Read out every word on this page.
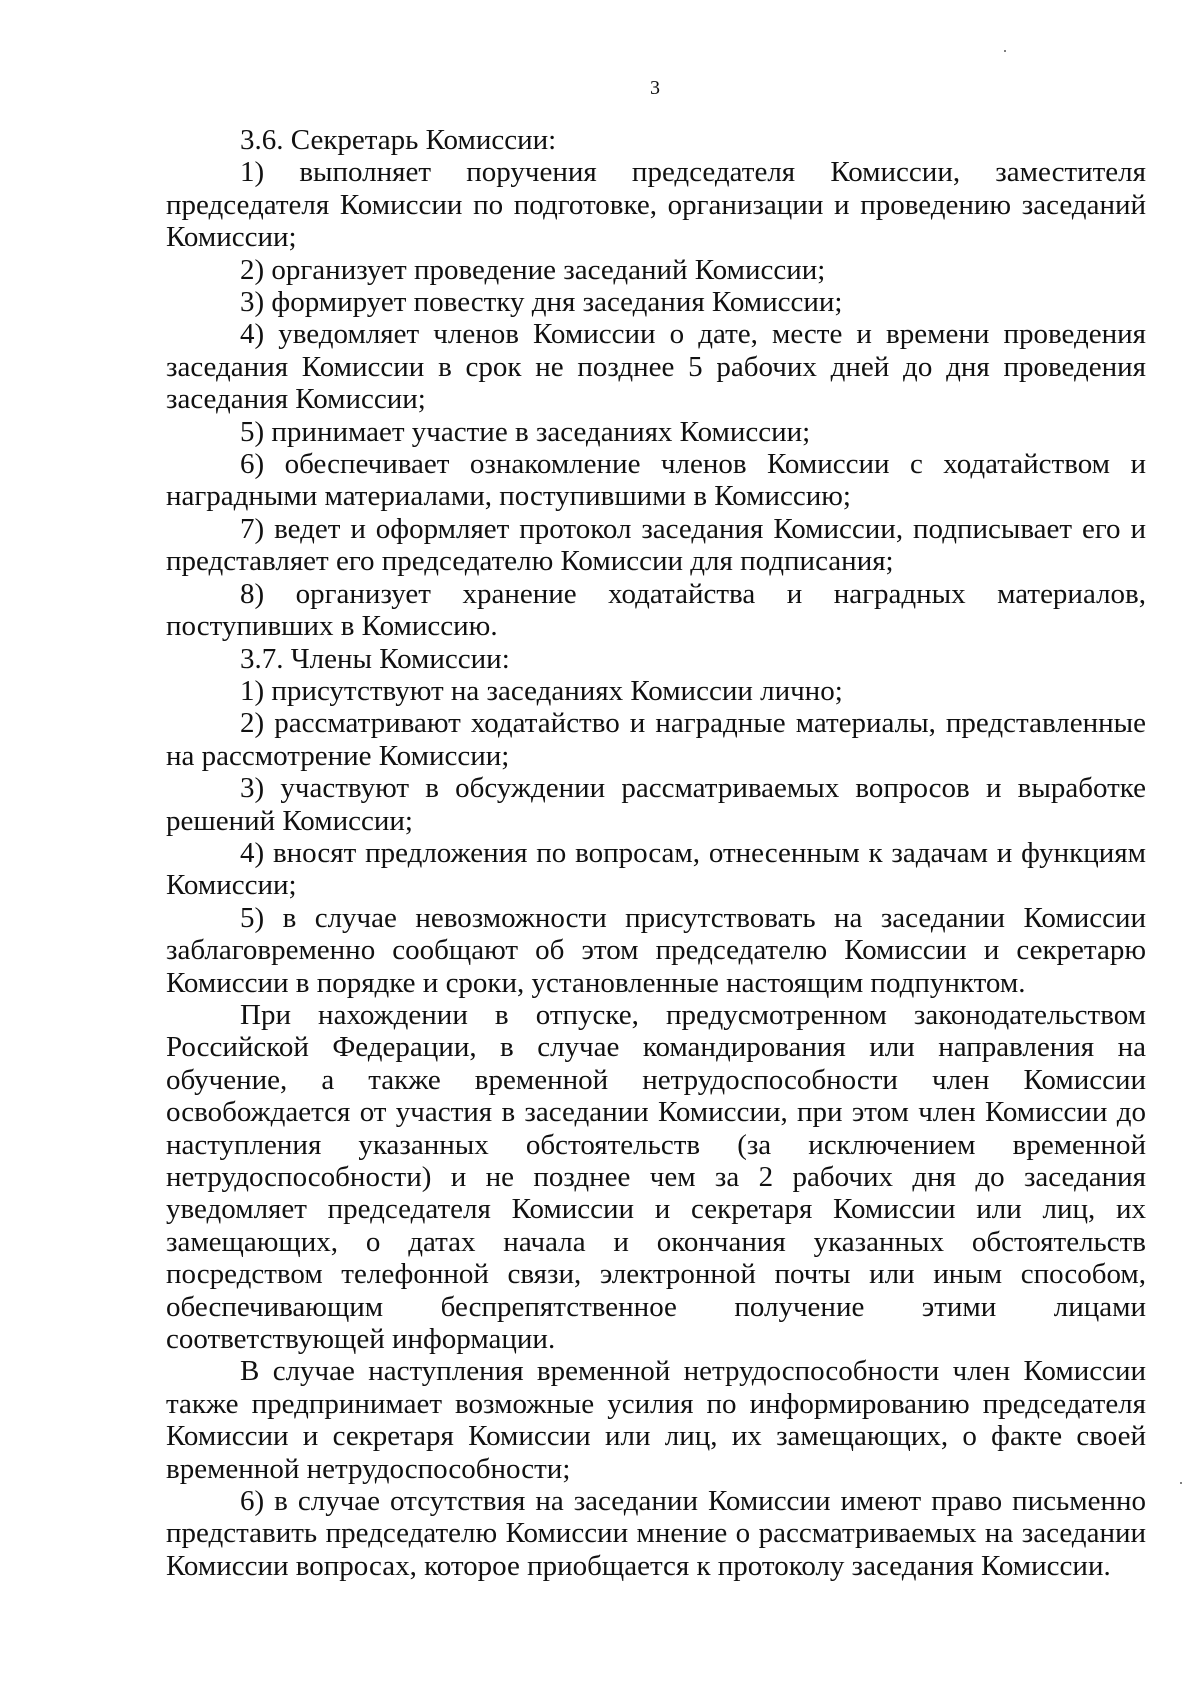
3

3.6. Секретарь Комиссии:

1) выполняет поручения председателя Комиссии, заместителя председателя Комиссии по подготовке, организации и проведению заседаний Комиссии;

2) организует проведение заседаний Комиссии;

3) формирует повестку дня заседания Комиссии;

4) уведомляет членов Комиссии о дате, месте и времени проведения заседания Комиссии в срок не позднее 5 рабочих дней до дня проведения заседания Комиссии;

5) принимает участие в заседаниях Комиссии;

6) обеспечивает ознакомление членов Комиссии с ходатайством и наградными материалами, поступившими в Комиссию;

7) ведет и оформляет протокол заседания Комиссии, подписывает его и представляет его председателю Комиссии для подписания;

8) организует хранение ходатайства и наградных материалов, поступивших в Комиссию.

3.7. Члены Комиссии:

1) присутствуют на заседаниях Комиссии лично;

2) рассматривают ходатайство и наградные материалы, представленные на рассмотрение Комиссии;

3) участвуют в обсуждении рассматриваемых вопросов и выработке решений Комиссии;

4) вносят предложения по вопросам, отнесенным к задачам и функциям Комиссии;

5) в случае невозможности присутствовать на заседании Комиссии заблаговременно сообщают об этом председателю Комиссии и секретарю Комиссии в порядке и сроки, установленные настоящим подпунктом.

При нахождении в отпуске, предусмотренном законодательством Российской Федерации, в случае командирования или направления на обучение, а также временной нетрудоспособности член Комиссии освобождается от участия в заседании Комиссии, при этом член Комиссии до наступления указанных обстоятельств (за исключением временной нетрудоспособности) и не позднее чем за 2 рабочих дня до заседания уведомляет председателя Комиссии и секретаря Комиссии или лиц, их замещающих, о датах начала и окончания указанных обстоятельств посредством телефонной связи, электронной почты или иным способом, обеспечивающим беспрепятственное получение этими лицами соответствующей информации.

В случае наступления временной нетрудоспособности член Комиссии также предпринимает возможные усилия по информированию председателя Комиссии и секретаря Комиссии или лиц, их замещающих, о факте своей временной нетрудоспособности;

6) в случае отсутствия на заседании Комиссии имеют право письменно представить председателю Комиссии мнение о рассматриваемых на заседании Комиссии вопросах, которое приобщается к протоколу заседания Комиссии.
